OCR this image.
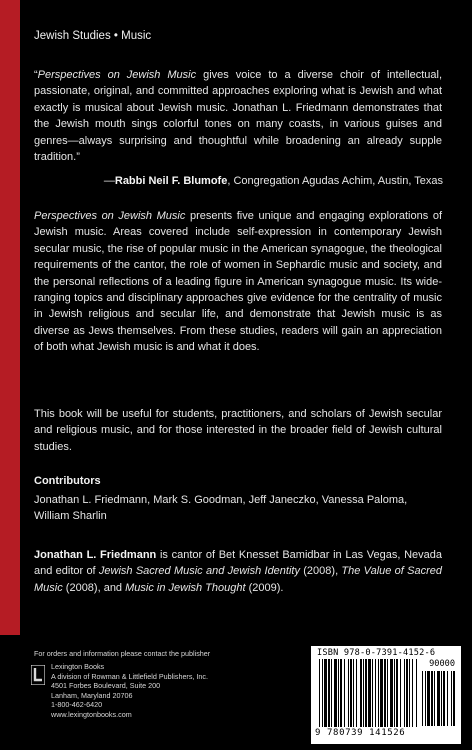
Jewish Studies • Music
“Perspectives on Jewish Music gives voice to a diverse choir of intellectual, passionate, original, and committed approaches exploring what is Jewish and what exactly is musical about Jewish music. Jonathan L. Friedmann demonstrates that the Jewish mouth sings colorful tones on many coasts, in various guises and genres—always surprising and thoughtful while broadening an already supple tradition.”
—Rabbi Neil F. Blumofe, Congregation Agudas Achim, Austin, Texas
Perspectives on Jewish Music presents five unique and engaging explorations of Jewish music. Areas covered include self-expression in contemporary Jewish secular music, the rise of popular music in the American synagogue, the theological requirements of the cantor, the role of women in Sephardic music and society, and the personal reflections of a leading figure in American synagogue music. Its wide-ranging topics and disciplinary approaches give evidence for the centrality of music in Jewish religious and secular life, and demonstrate that Jewish music is as diverse as Jews themselves. From these studies, readers will gain an appreciation of both what Jewish music is and what it does.
This book will be useful for students, practitioners, and scholars of Jewish secular and religious music, and for those interested in the broader field of Jewish cultural studies.
Contributors
Jonathan L. Friedmann, Mark S. Goodman, Jeff Janeczko, Vanessa Paloma, William Sharlin
Jonathan L. Friedmann is cantor of Bet Knesset Bamidbar in Las Vegas, Nevada and editor of Jewish Sacred Music and Jewish Identity (2008), The Value of Sacred Music (2008), and Music in Jewish Thought (2009).
For orders and information please contact the publisher
Lexington Books
A division of Rowman & Littlefield Publishers, Inc.
4501 Forbes Boulevard, Suite 200
Lanham, Maryland 20706
1-800-462-6420
www.lexingtonbooks.com
ISBN 978-0-7391-4152-6
90000
9 780739 141526
